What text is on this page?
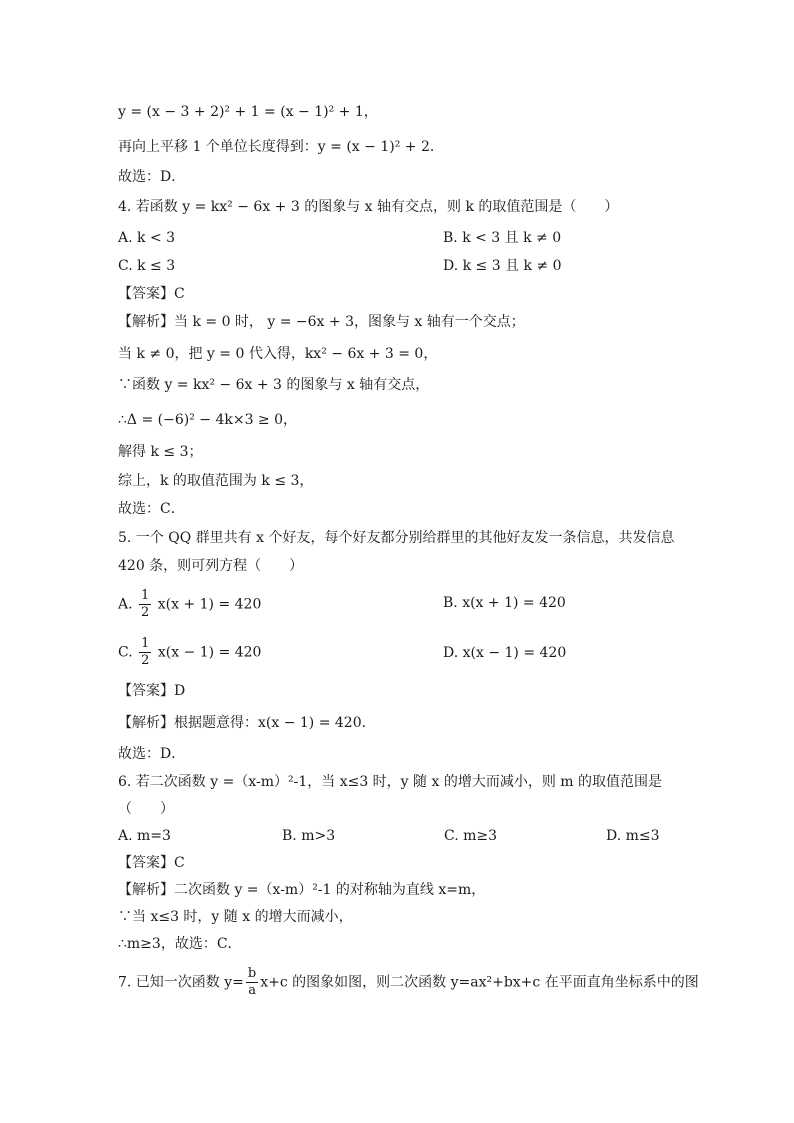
y = (x − 3 + 2)² + 1 = (x − 1)² + 1，
再向上平移 1 个单位长度得到：y = (x − 1)² + 2．
故选：D．
4. 若函数 y = kx² − 6x + 3 的图象与 x 轴有交点，则 k 的取值范围是（　　）
A. k < 3	B. k < 3 且 k ≠ 0
C. k ≤ 3	D. k ≤ 3 且 k ≠ 0
【答案】C
【解析】当 k = 0 时， y = −6x + 3，图象与 x 轴有一个交点；
当 k ≠ 0，把 y = 0 代入得，kx² − 6x + 3 = 0，
∵函数 y = kx² − 6x + 3 的图象与 x 轴有交点，
∴Δ = (−6)² − 4k×3 ≥ 0，
解得 k ≤ 3；
综上，k 的取值范围为 k ≤ 3，
故选：C．
5. 一个 QQ 群里共有 x 个好友，每个好友都分别给群里的其他好友发一条信息，共发信息
420 条，则可列方程（　　）
A. $\frac{1}{2} x(x + 1) = 420$	B. x(x + 1) = 420
C. $\frac{1}{2} x(x - 1) = 420$	D. x(x − 1) = 420
【答案】D
【解析】根据题意得：x(x − 1) = 420．
故选：D．
6. 若二次函数 y =（x-m）²-1，当 x≤3 时，y 随 x 的增大而减小，则 m 的取值范围是
（　　）
A. m=3	B. m>3	C. m≥3	D. m≤3
【答案】C
【解析】二次函数 y =（x-m）²-1 的对称轴为直线 x=m，
∵当 x≤3 时，y 随 x 的增大而减小，
∴m≥3，故选：C．
7. 已知一次函数 $y= \frac{b}{a} x+c$ 的图象如图，则二次函数 y=ax²+bx+c 在平面直角坐标系中的图
